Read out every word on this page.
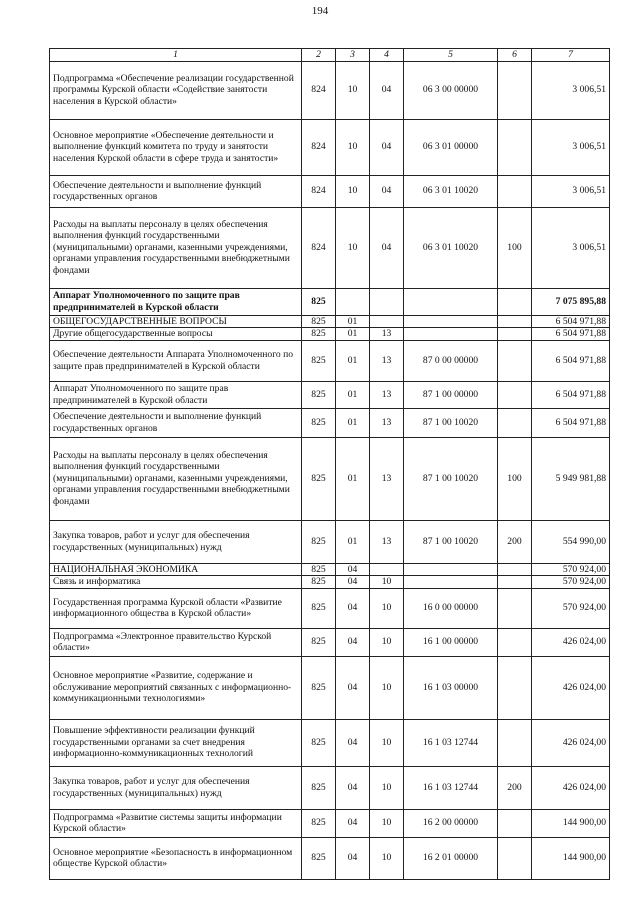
194
1	2	3	4	5	6	7
Подпрограмма «Обеспечение реализации государственной программы Курской области «Содействие занятости населения в Курской области»	824	10	04	06 3 00 00000		3 006,51
Основное мероприятие «Обеспечение деятельности и выполнение функций комитета по труду и занятости населения Курской области в сфере труда и занятости»	824	10	04	06 3 01 00000		3 006,51
Обеспечение деятельности и выполнение функций государственных органов	824	10	04	06 3 01 10020		3 006,51
Расходы на выплаты персоналу в целях обеспечения выполнения функций государственными (муниципальными) органами, казенными учреждениями, органами управления государственными внебюджетными фондами	824	10	04	06 3 01 10020	100	3 006,51
Аппарат Уполномоченного по защите прав предпринимателей в Курской области	825					7 075 895,88
ОБЩЕГОСУДАРСТВЕННЫЕ ВОПРОСЫ	825	01				6 504 971,88
Другие общегосударственные вопросы	825	01	13			6 504 971,88
Обеспечение деятельности Аппарата Уполномоченного по защите прав предпринимателей в Курской области	825	01	13	87 0 00 00000		6 504 971,88
Аппарат Уполномоченного по защите прав предпринимателей в Курской области	825	01	13	87 1 00 00000		6 504 971,88
Обеспечение деятельности и выполнение функций государственных органов	825	01	13	87 1 00 10020		6 504 971,88
Расходы на выплаты персоналу в целях обеспечения выполнения функций государственными (муниципальными) органами, казенными учреждениями, органами управления государственными внебюджетными фондами	825	01	13	87 1 00 10020	100	5 949 981,88
Закупка товаров, работ и услуг для обеспечения государственных (муниципальных) нужд	825	01	13	87 1 00 10020	200	554 990,00
НАЦИОНАЛЬНАЯ ЭКОНОМИКА	825	04				570 924,00
Связь и информатика	825	04	10			570 924,00
Государственная программа Курской области «Развитие информационного общества в Курской области»	825	04	10	16 0 00 00000		570 924,00
Подпрограмма «Электронное правительство Курской области»	825	04	10	16 1 00 00000		426 024,00
Основное мероприятие «Развитие, содержание и обслуживание мероприятий связанных с информационно-коммуникационными технологиями»	825	04	10	16 1 03 00000		426 024,00
Повышение эффективности реализации функций государственными органами за счет внедрения информационно-коммуникационных технологий	825	04	10	16 1 03 12744		426 024,00
Закупка товаров, работ и услуг для обеспечения государственных (муниципальных) нужд	825	04	10	16 1 03 12744	200	426 024,00
Подпрограмма «Развитие системы защиты информации Курской области»	825	04	10	16 2 00 00000		144 900,00
Основное мероприятие «Безопасность в информационном обществе Курской области»	825	04	10	16 2 01 00000		144 900,00
